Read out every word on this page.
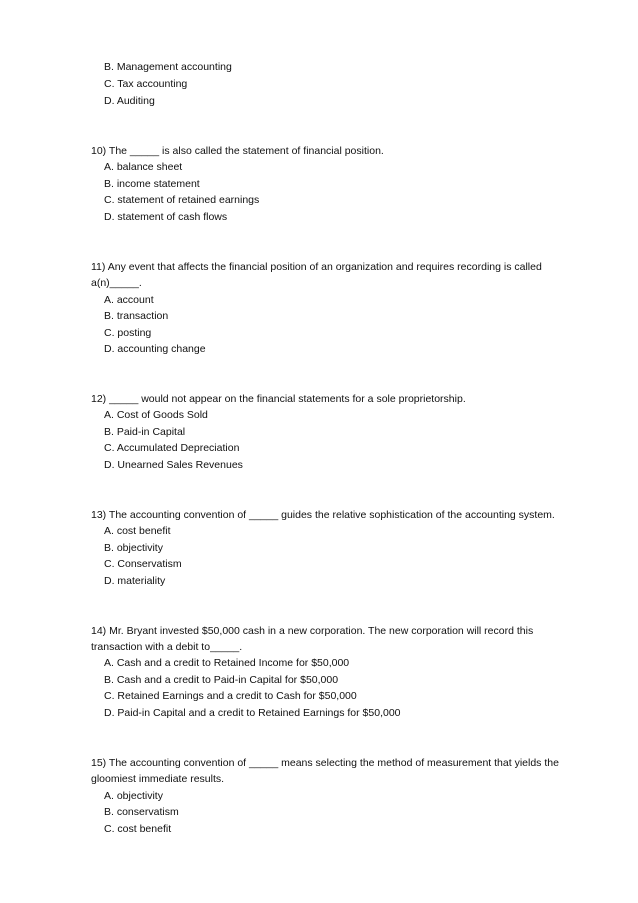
B. Management accounting
C. Tax accounting
D. Auditing
10) The _____ is also called the statement of financial position.
A. balance sheet
B. income statement
C. statement of retained earnings
D. statement of cash flows
11) Any event that affects the financial position of an organization and requires recording is called
a(n)_____.
A. account
B. transaction
C. posting
D. accounting change
12) _____ would not appear on the financial statements for a sole proprietorship.
A. Cost of Goods Sold
B. Paid-in Capital
C. Accumulated Depreciation
D. Unearned Sales Revenues
13) The accounting convention of _____ guides the relative sophistication of the accounting system.
A. cost benefit
B. objectivity
C. Conservatism
D. materiality
14) Mr. Bryant invested $50,000 cash in a new corporation. The new corporation will record this
transaction with a debit to_____.
A. Cash and a credit to Retained Income for $50,000
B. Cash and a credit to Paid-in Capital for $50,000
C. Retained Earnings and a credit to Cash for $50,000
D. Paid-in Capital and a credit to Retained Earnings for $50,000
15) The accounting convention of _____ means selecting the method of measurement that yields the
gloomiest immediate results.
A. objectivity
B. conservatism
C. cost benefit
